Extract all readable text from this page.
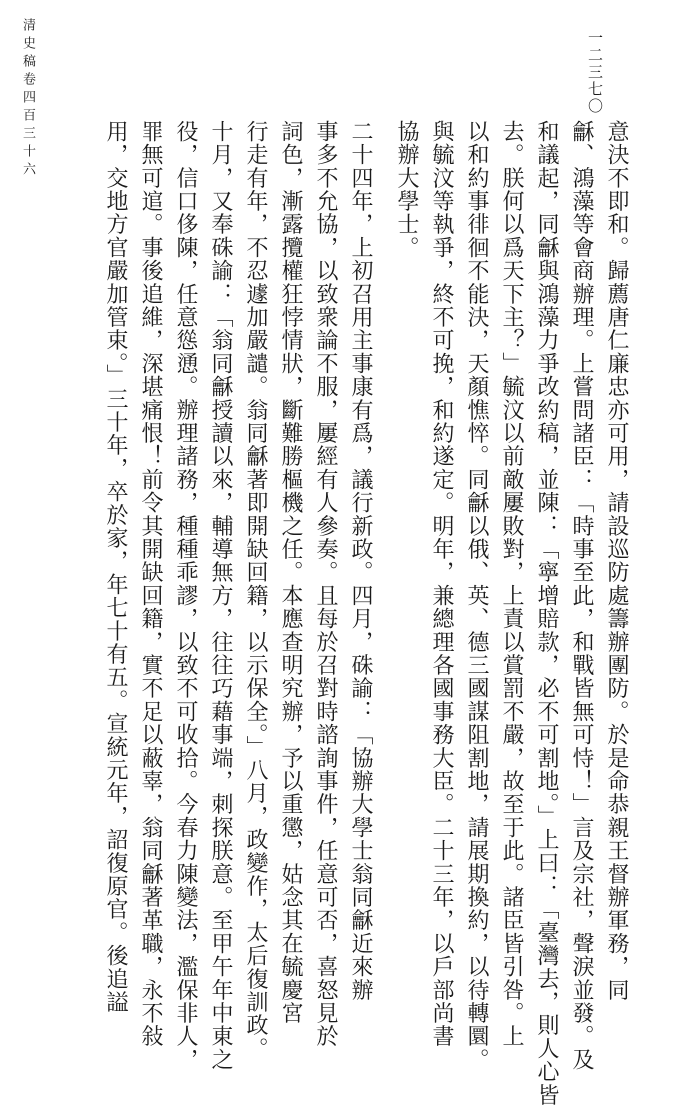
一二三七〇
清史稿卷四百三十六
意決不即和。歸薦唐仁廉忠亦可用，請設巡防處籌辦團防。於是命恭親王督辦軍務，同
龢、鴻藻等會商辦理。上嘗問諸臣：「時事至此，和戰皆無可恃！」言及宗社，聲淚並發。及
和議起，同龢與鴻藻力爭改約稿，並陳：「寧增賠款，必不可割地。」上曰：「臺灣去，則人心皆
去。朕何以爲天下主？」毓汶以前敵屢敗對，上責以賞罰不嚴，故至于此。諸臣皆引咎。上
以和約事徘徊不能決，天顏憔悴。同龢以俄、英、德三國謀阻割地，請展期換約，以待轉圜。
與毓汶等執爭，終不可挽，和約遂定。明年，兼總理各國事務大臣。二十三年，以戶部尚書
協辦大學士。
二十四年，上初召用主事康有爲，議行新政。四月，硃諭：「協辦大學士翁同龢近來辦
事多不允協，以致衆論不服，屢經有人參奏。且每於召對時諮詢事件，任意可否，喜怒見於
詞色，漸露攬權狂悖情狀，斷難勝樞機之任。本應查明究辦，予以重懲，姑念其在毓慶宮
行走有年，不忍遽加嚴譴。翁同龢著即開缺回籍，以示保全。」八月，政變作，太后復訓政。
十月，又奉硃諭：「翁同龢授讀以來，輔導無方，往往巧藉事端，刺探朕意。至甲午年中東之
役，信口侈陳，任意慫慂。辦理諸務，種種乖謬，以致不可收拾。今春力陳變法，濫保非人，
罪無可逭。事後追維，深堪痛恨！前令其開缺回籍，實不足以蔽辜，翁同龢著革職，永不敍
用，交地方官嚴加管束。」三十年，卒於家，年七十有五。宣統元年，詔復原官。後追謚
